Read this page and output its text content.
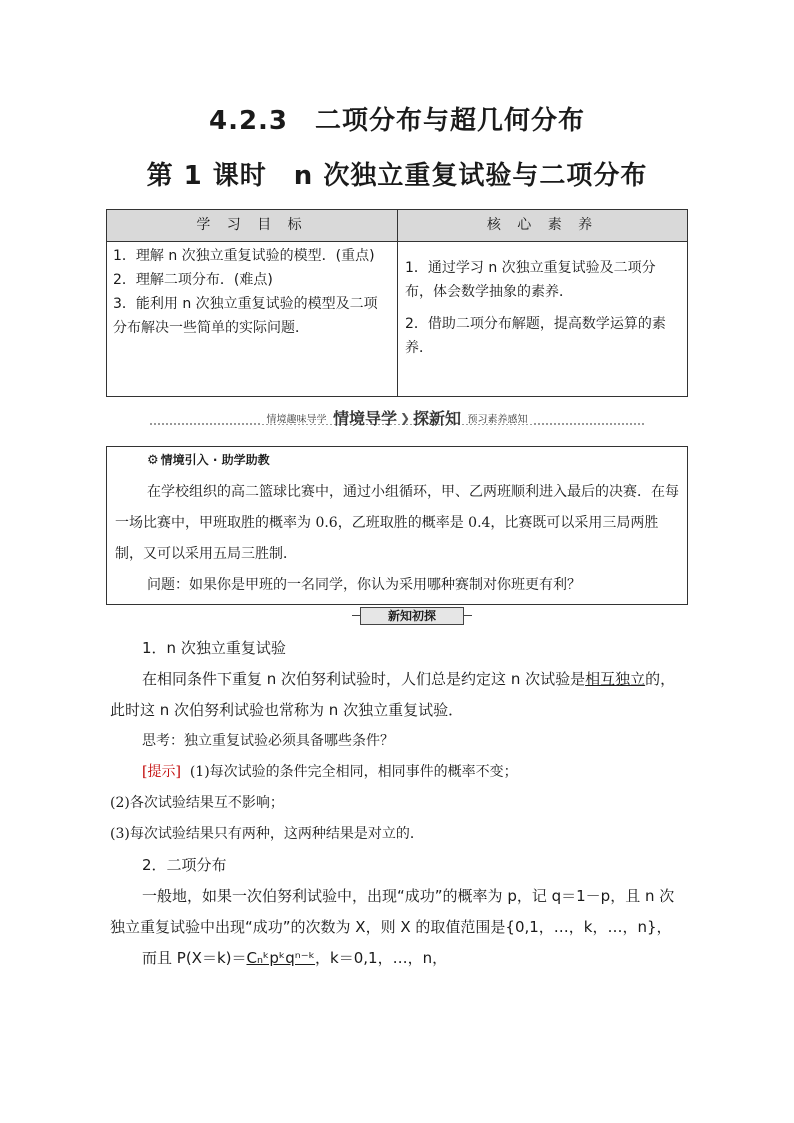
4.2.3　二项分布与超几何分布
第 1 课时　n 次独立重复试验与二项分布
学 习 目 标	核 心 素 养

1．理解 n 次独立重复试验的模型．(重点)

2．理解二项分布．(难点)

3．能利用 n 次独立重复试验的模型及二项分布解决一些简单的实际问题．

1．通过学习 n 次独立重复试验及二项分布，体会数学抽象的素养．

2．借助二项分布解题，提高数学运算的素养．

情境趣味导学 情境导学 ❯ 探新知 预习素养感知
⚙ 情境引入 · 助学助教

在学校组织的高二篮球比赛中，通过小组循环，甲、乙两班顺利进入最后的决赛．在每一场比赛中，甲班取胜的概率为 0.6，乙班取胜的概率是 0.4，比赛既可以采用三局两胜制，又可以采用五局三胜制．

问题：如果你是甲班的一名同学，你认为采用哪种赛制对你班更有利？

新知初探

1．n 次独立重复试验

在相同条件下重复 n 次伯努利试验时，人们总是约定这 n 次试验是相互独立的，此时这 n 次伯努利试验也常称为 n 次独立重复试验．

思考：独立重复试验必须具备哪些条件？

[提示] (1)每次试验的条件完全相同，相同事件的概率不变；

(2)各次试验结果互不影响；

(3)每次试验结果只有两种，这两种结果是对立的．

2．二项分布

一般地，如果一次伯努利试验中，出现“成功”的概率为 p，记 q＝1－p，且 n 次独立重复试验中出现“成功”的次数为 X，则 X 的取值范围是{0,1，…，k，…，n}，

而且 P(X＝k)＝Cₙᵏpᵏqⁿ⁻ᵏ，k＝0,1，…，n，
